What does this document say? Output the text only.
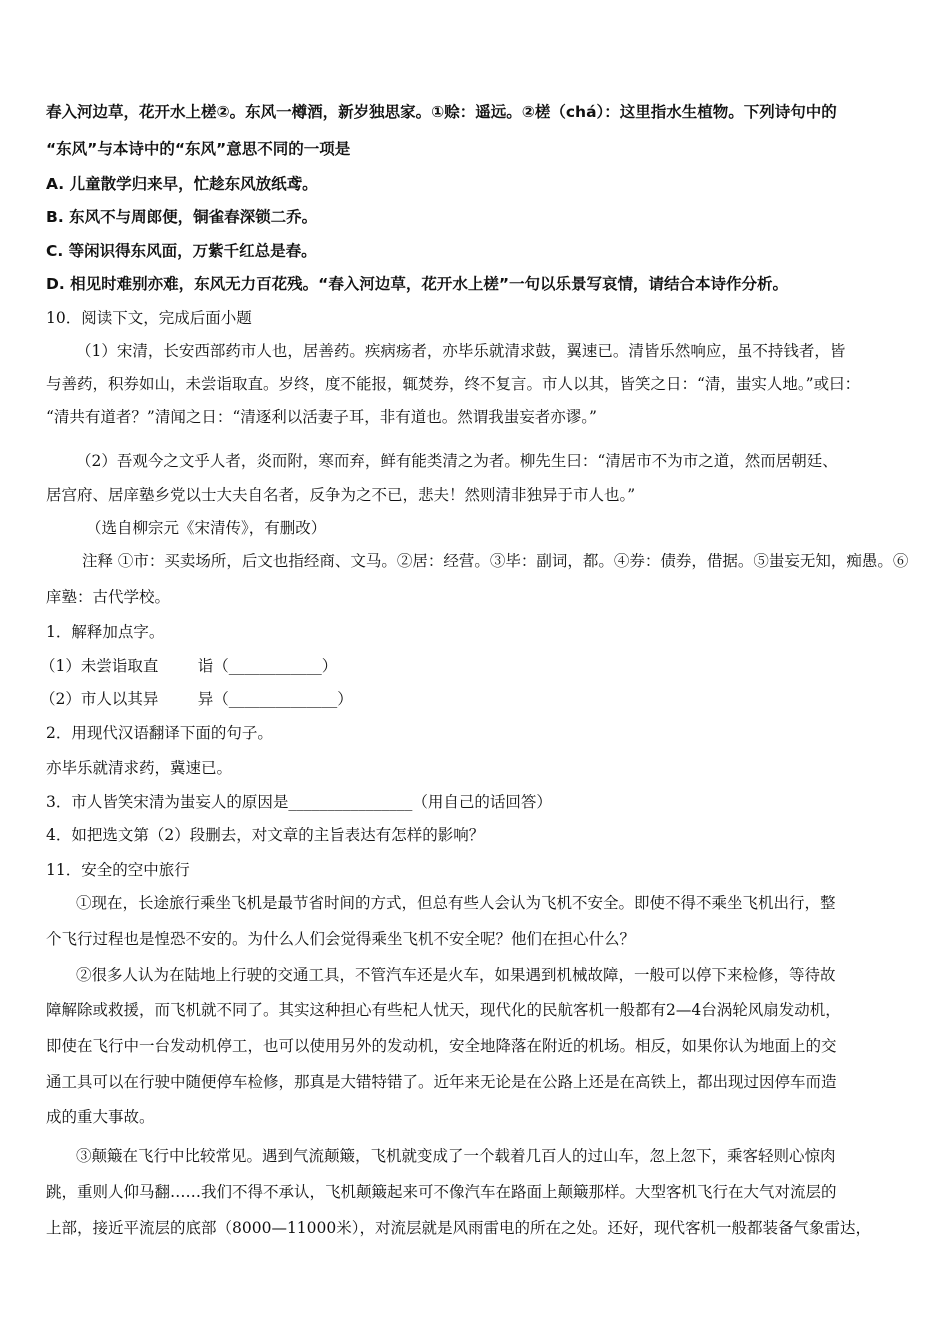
春入河边草，花开水上槎②。东风一樽酒，新岁独思家。①赊：遥远。②槎（chá）：这里指水生植物。下列诗句中的
“东风”与本诗中的“东风”意思不同的一项是
A. 儿童散学归来早，忙趁东风放纸鸢。
B. 东风不与周郎便，铜雀春深锁二乔。
C. 等闲识得东风面，万紫千红总是春。
D. 相见时难别亦难，东风无力百花残。“春入河边草，花开水上槎”一句以乐景写哀情，请结合本诗作分析。
10．阅读下文，完成后面小题
（1）宋清，长安西部药市人也，居善药。疾病疡者，亦毕乐就清求鼓，翼速已。清皆乐然响应，虽不持钱者，皆
与善药，积券如山，未尝诣取直。岁终，度不能报，辄焚券，终不复言。市人以其，皆笑之日：“清，蚩实人地。”或曰：
“清共有道者？”清闻之日：“清逐利以活妻子耳，非有道也。然谓我蚩妄者亦谬。”
（2）吾观今之文乎人者，炎而附，寒而弃，鲜有能类清之为者。柳先生曰：“清居市不为市之道，然而居朝廷、
居宫府、居庠塾乡党以士大夫自名者，反争为之不已，悲夫！然则清非独异于市人也。”
（选自柳宗元《宋清传》，有删改）
注释 ①市：买卖场所，后文也指经商、文马。②居：经营。③毕：副词，都。④券：债券，借据。⑤蚩妄无知，痴愚。⑥
庠塾：古代学校。
1．解释加点字。
（1）未尝诣取直        诣（____________）
（2）市人以其异        异（______________）
2．用现代汉语翻译下面的句子。
亦毕乐就清求药，冀速已。
3．市人皆笑宋清为蚩妄人的原因是________________（用自己的话回答）
4．如把选文第（2）段删去，对文章的主旨表达有怎样的影响？
11．安全的空中旅行
①现在，长途旅行乘坐飞机是最节省时间的方式，但总有些人会认为飞机不安全。即使不得不乘坐飞机出行，整
个飞行过程也是惶恐不安的。为什么人们会觉得乘坐飞机不安全呢？他们在担心什么？
②很多人认为在陆地上行驶的交通工具，不管汽车还是火车，如果遇到机械故障，一般可以停下来检修，等待故
障解除或救援，而飞机就不同了。其实这种担心有些杞人忧天，现代化的民航客机一般都有2—4台涡轮风扇发动机，
即使在飞行中一台发动机停工，也可以使用另外的发动机，安全地降落在附近的机场。相反，如果你认为地面上的交
通工具可以在行驶中随便停车检修，那真是大错特错了。近年来无论是在公路上还是在高铁上，都出现过因停车而造
成的重大事故。
③颠簸在飞行中比较常见。遇到气流颠簸，飞机就变成了一个载着几百人的过山车，忽上忽下，乘客轻则心惊肉
跳，重则人仰马翻……我们不得不承认，飞机颠簸起来可不像汽车在路面上颠簸那样。大型客机飞行在大气对流层的
上部，接近平流层的底部（8000—11000米），对流层就是风雨雷电的所在之处。还好，现代客机一般都装备气象雷达，
